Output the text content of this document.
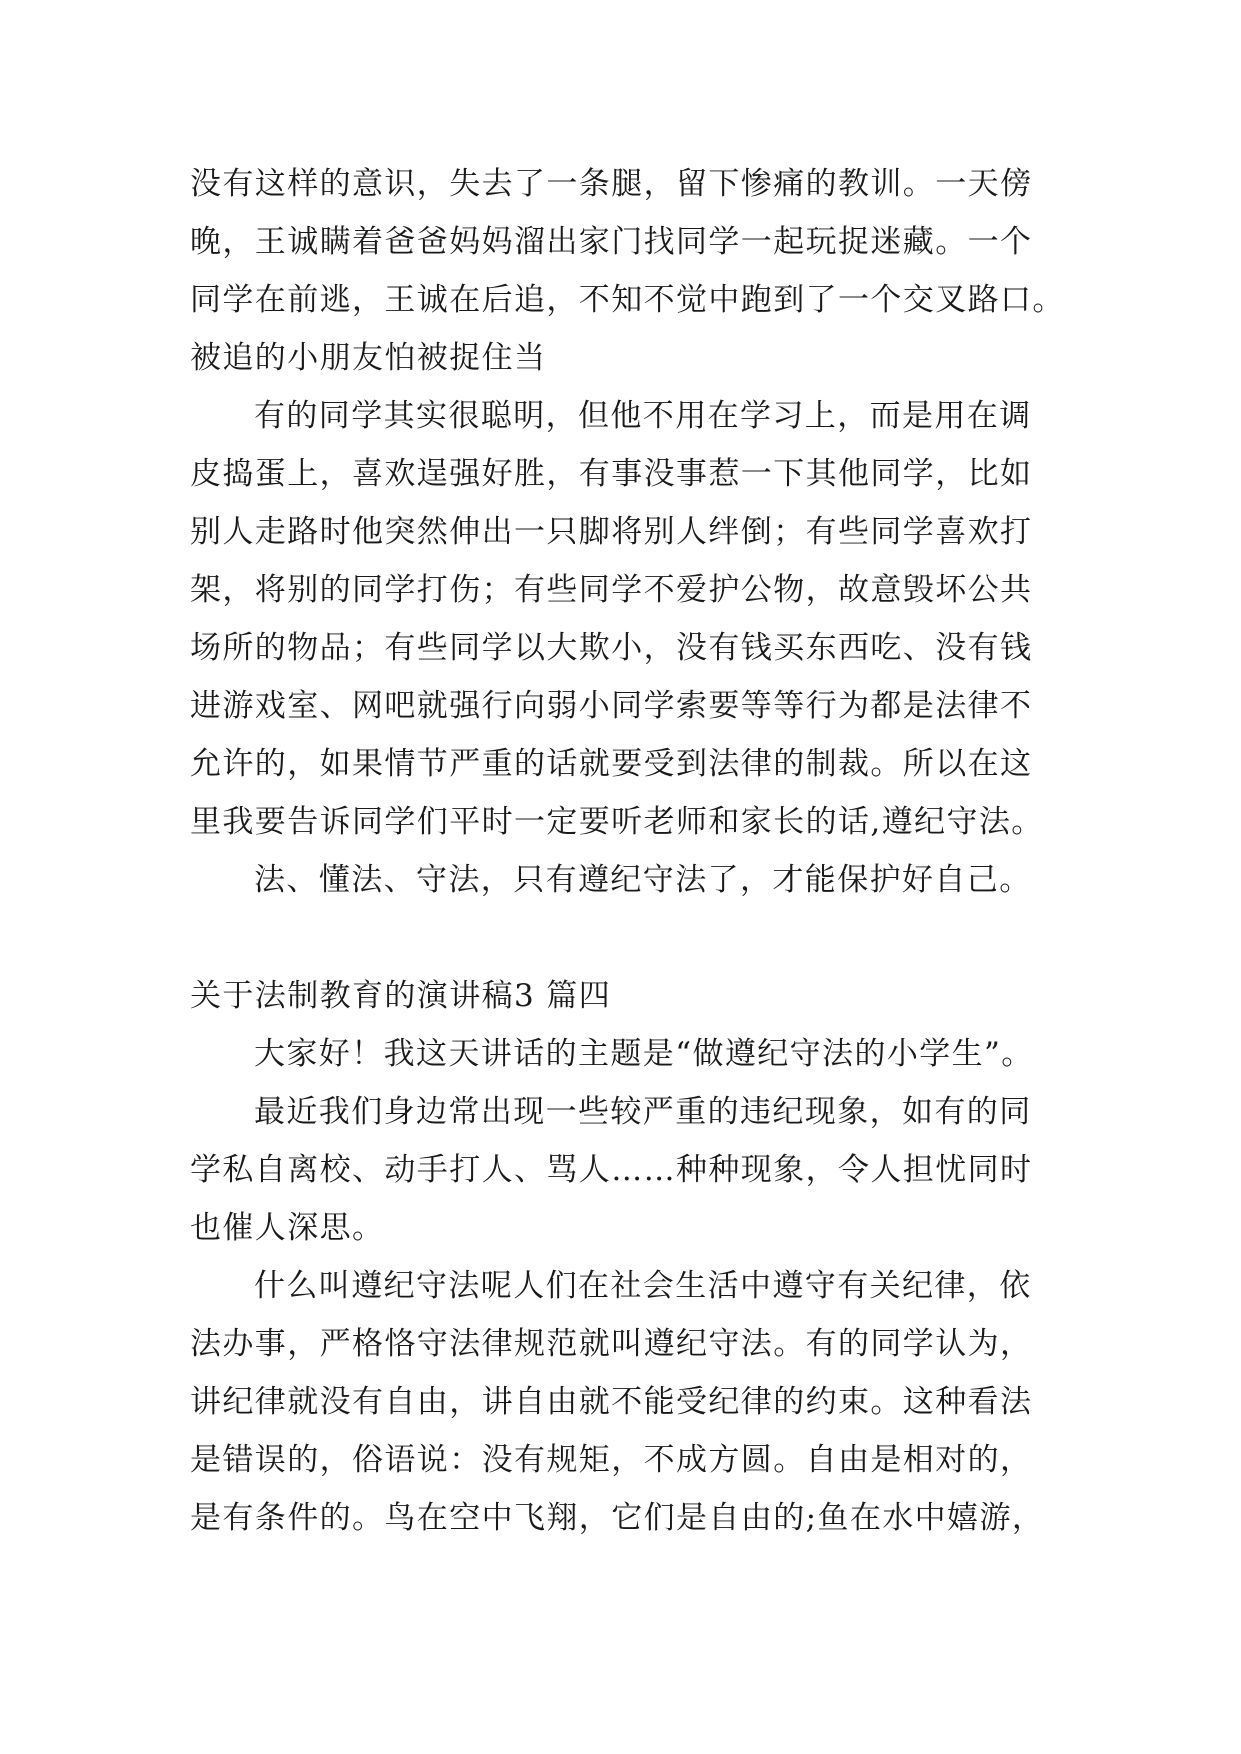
没有这样的意识，失去了一条腿，留下惨痛的教训。一天傍
晚，王诚瞒着爸爸妈妈溜出家门找同学一起玩捉迷藏。一个
同学在前逃，王诚在后追，不知不觉中跑到了一个交叉路口。
被追的小朋友怕被捉住当
有的同学其实很聪明，但他不用在学习上，而是用在调
皮捣蛋上，喜欢逞强好胜，有事没事惹一下其他同学，比如
别人走路时他突然伸出一只脚将别人绊倒；有些同学喜欢打
架，将别的同学打伤；有些同学不爱护公物，故意毁坏公共
场所的物品；有些同学以大欺小，没有钱买东西吃、没有钱
进游戏室、网吧就强行向弱小同学索要等等行为都是法律不
允许的，如果情节严重的话就要受到法律的制裁。所以在这
里我要告诉同学们平时一定要听老师和家长的话,遵纪守法。
法、懂法、守法，只有遵纪守法了，才能保护好自己。
关于法制教育的演讲稿3 篇四
大家好！我这天讲话的主题是“做遵纪守法的小学生”。
最近我们身边常出现一些较严重的违纪现象，如有的同
学私自离校、动手打人、骂人……种种现象，令人担忧同时
也催人深思。
什么叫遵纪守法呢人们在社会生活中遵守有关纪律，依
法办事，严格恪守法律规范就叫遵纪守法。有的同学认为，
讲纪律就没有自由，讲自由就不能受纪律的约束。这种看法
是错误的，俗语说：没有规矩，不成方圆。自由是相对的，
是有条件的。鸟在空中飞翔，它们是自由的;鱼在水中嬉游，
